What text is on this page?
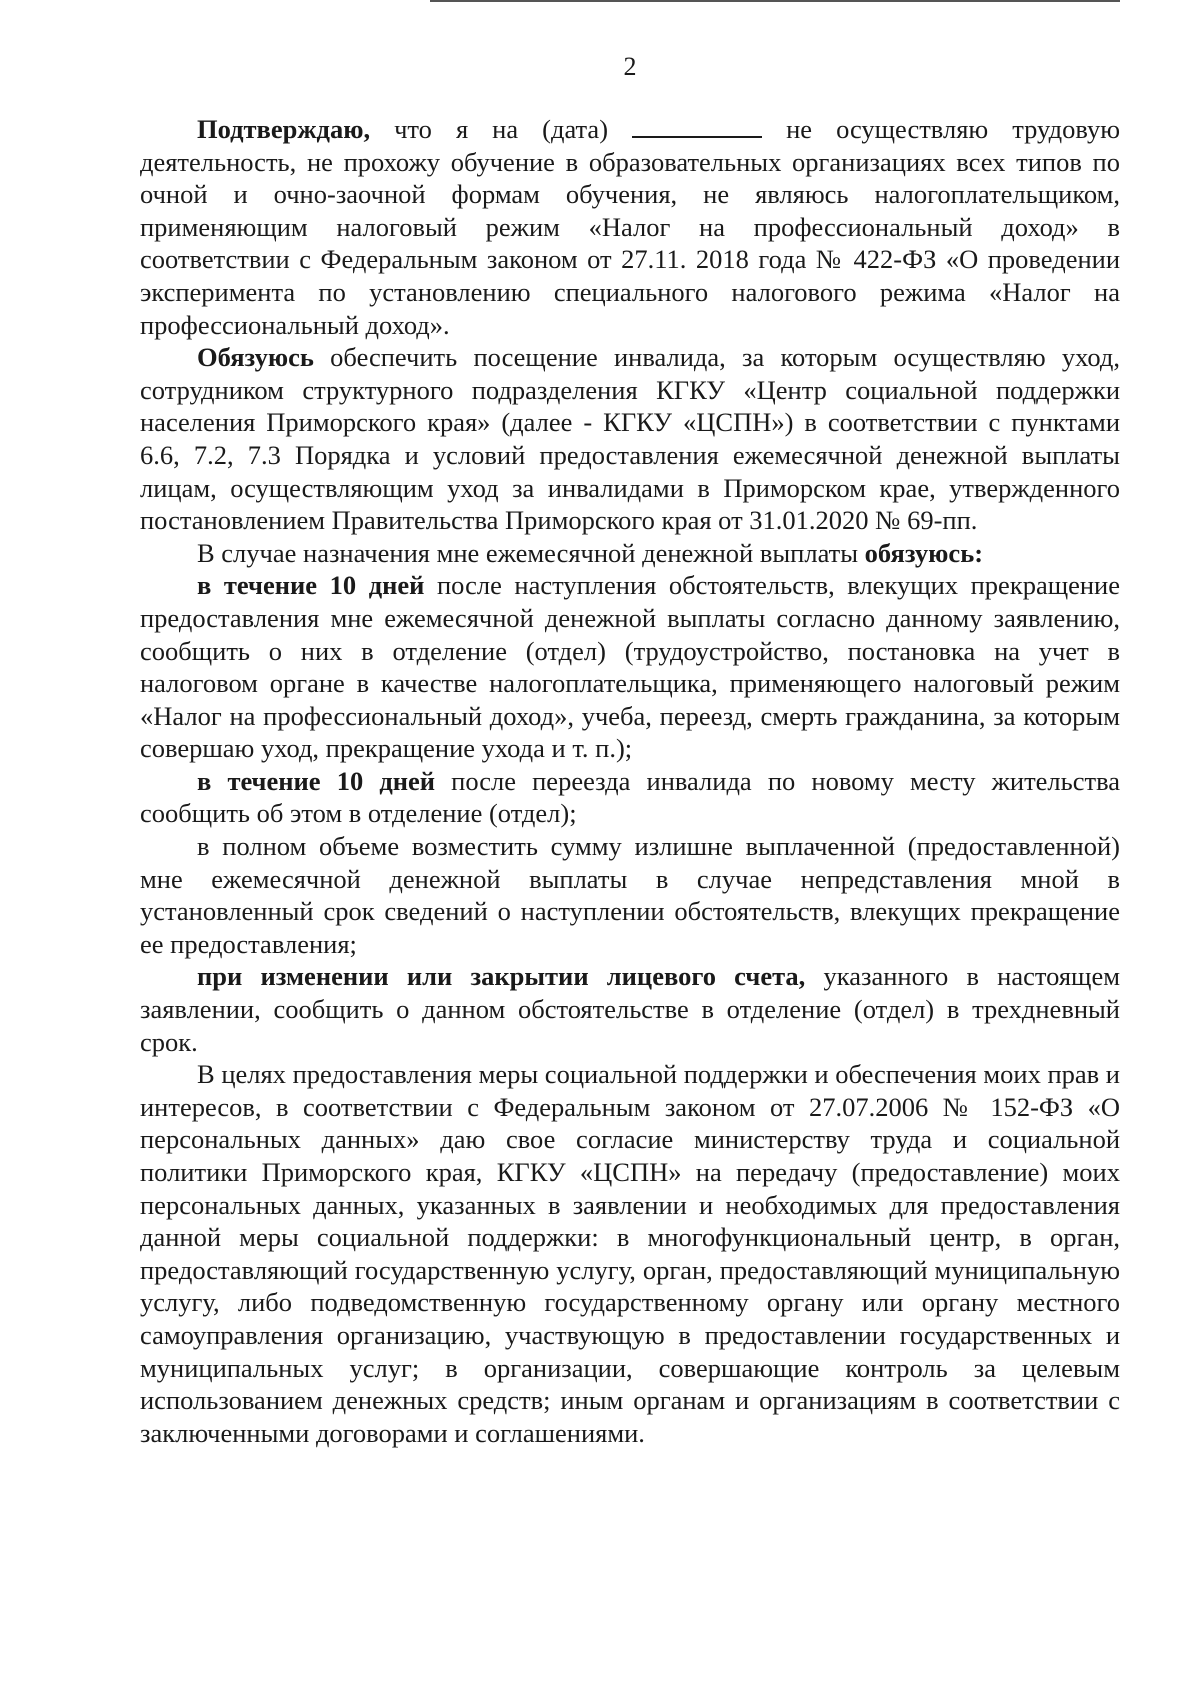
2

Подтверждаю, что я на (дата)	не осуществляю трудовую деятельность, не прохожу обучение в образовательных организациях всех типов по очной и очно-заочной формам обучения, не являюсь налогоплательщиком, применяющим налоговый режим «Налог на профессиональный доход» в соответствии с Федеральным законом от 27.11. 2018 года № 422-ФЗ «О проведении эксперимента по установлению специального налогового режима «Налог на профессиональный доход».

Обязуюсь обеспечить посещение инвалида, за которым осуществляю уход, сотрудником структурного подразделения КГКУ «Центр социальной поддержки населения Приморского края» (далее - КГКУ «ЦСПН») в соответствии с пунктами 6.6, 7.2, 7.3 Порядка и условий предоставления ежемесячной денежной выплаты лицам, осуществляющим уход за инвалидами в Приморском крае, утвержденного постановлением Правительства Приморского края от 31.01.2020 № 69-пп.

В случае назначения мне ежемесячной денежной выплаты обязуюсь:

в течение 10 дней после наступления обстоятельств, влекущих прекращение предоставления мне ежемесячной денежной выплаты согласно данному заявлению, сообщить о них в отделение (отдел) (трудоустройство, постановка на учет в налоговом органе в качестве налогоплательщика, применяющего налоговый режим «Налог на профессиональный доход», учеба, переезд, смерть гражданина, за которым совершаю уход, прекращение ухода и т. п.);

в течение 10 дней после переезда инвалида по новому месту жительства сообщить об этом в отделение (отдел);

в полном объеме возместить сумму излишне выплаченной (предоставленной) мне ежемесячной денежной выплаты в случае непредставления мной в установленный срок сведений о наступлении обстоятельств, влекущих прекращение ее предоставления;

при изменении или закрытии лицевого счета, указанного в настоящем заявлении, сообщить о данном обстоятельстве в отделение (отдел) в трехдневный срок.

В целях предоставления меры социальной поддержки и обеспечения моих прав и интересов, в соответствии с Федеральным законом от 27.07.2006 № 152-ФЗ «О персональных данных» даю свое согласие министерству труда и социальной политики Приморского края, КГКУ «ЦСПН» на передачу (предоставление) моих персональных данных, указанных в заявлении и необходимых для предоставления данной меры социальной поддержки: в многофункциональный центр, в орган, предоставляющий государственную услугу, орган, предоставляющий муниципальную услугу, либо подведомственную государственному органу или органу местного самоуправления организацию, участвующую в предоставлении государственных и муниципальных услуг; в организации, совершающие контроль за целевым использованием денежных средств; иным органам и организациям в соответствии с заключенными договорами и соглашениями.
